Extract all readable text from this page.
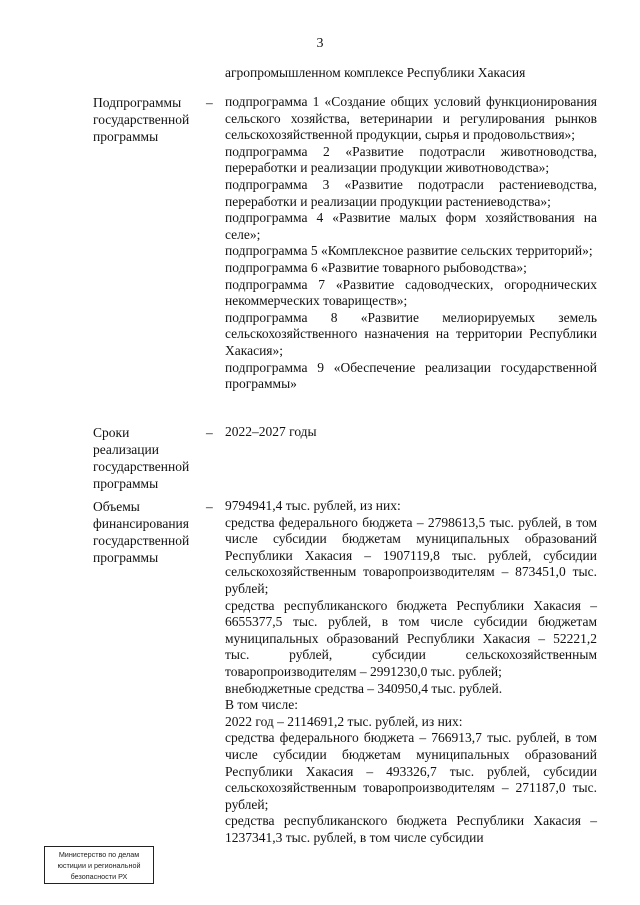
3
агропромышленном комплексе Республики Хакасия
Подпрограммы
государственной
программы
– подпрограмма 1 «Создание общих условий функционирования сельского хозяйства, ветеринарии и регулирования рынков сельскохозяйственной продукции, сырья и продовольствия»;

подпрограмма 2 «Развитие подотрасли животноводства, переработки и реализации продукции животноводства»;

подпрограмма 3 «Развитие подотрасли растениеводства, переработки и реализации продукции растениеводства»;

подпрограмма 4 «Развитие малых форм хозяйствования на селе»;

подпрограмма 5 «Комплексное развитие сельских территорий»;

подпрограмма 6 «Развитие товарного рыбоводства»;

подпрограмма 7 «Развитие садоводческих, огороднических некоммерческих товариществ»;

подпрограмма 8 «Развитие мелиорируемых земель сельскохозяйственного назначения на территории Республики Хакасия»;

подпрограмма 9 «Обеспечение реализации государственной программы»

Сроки
реализации
государственной
программы
– 2022–2027 годы

Объемы
финансирования
государственной
программы
– 9794941,4 тыс. рублей, из них:

средства федерального бюджета – 2798613,5 тыс. рублей, в том числе субсидии бюджетам муниципальных образований Республики Хакасия – 1907119,8 тыс. рублей, субсидии сельскохозяйственным товаропроизводителям – 873451,0 тыс. рублей;

средства республиканского бюджета Республики Хакасия – 6655377,5 тыс. рублей, в том числе субсидии бюджетам муниципальных образований Республики Хакасия – 52221,2 тыс. рублей, субсидии сельскохозяйственным товаропроизводителям – 2991230,0 тыс. рублей;

внебюджетные средства – 340950,4 тыс. рублей.

В том числе:

2022 год – 2114691,2 тыс. рублей, из них:

средства федерального бюджета – 766913,7 тыс. рублей, в том числе субсидии бюджетам муниципальных образований Республики Хакасия – 493326,7 тыс. рублей, субсидии сельскохозяйственным товаропроизводителям – 271187,0 тыс. рублей;

средства республиканского бюджета Республики Хакасия – 1237341,3 тыс. рублей, в том числе субсидии

Министерство по делам
юстиции и региональной
безопасности РХ
